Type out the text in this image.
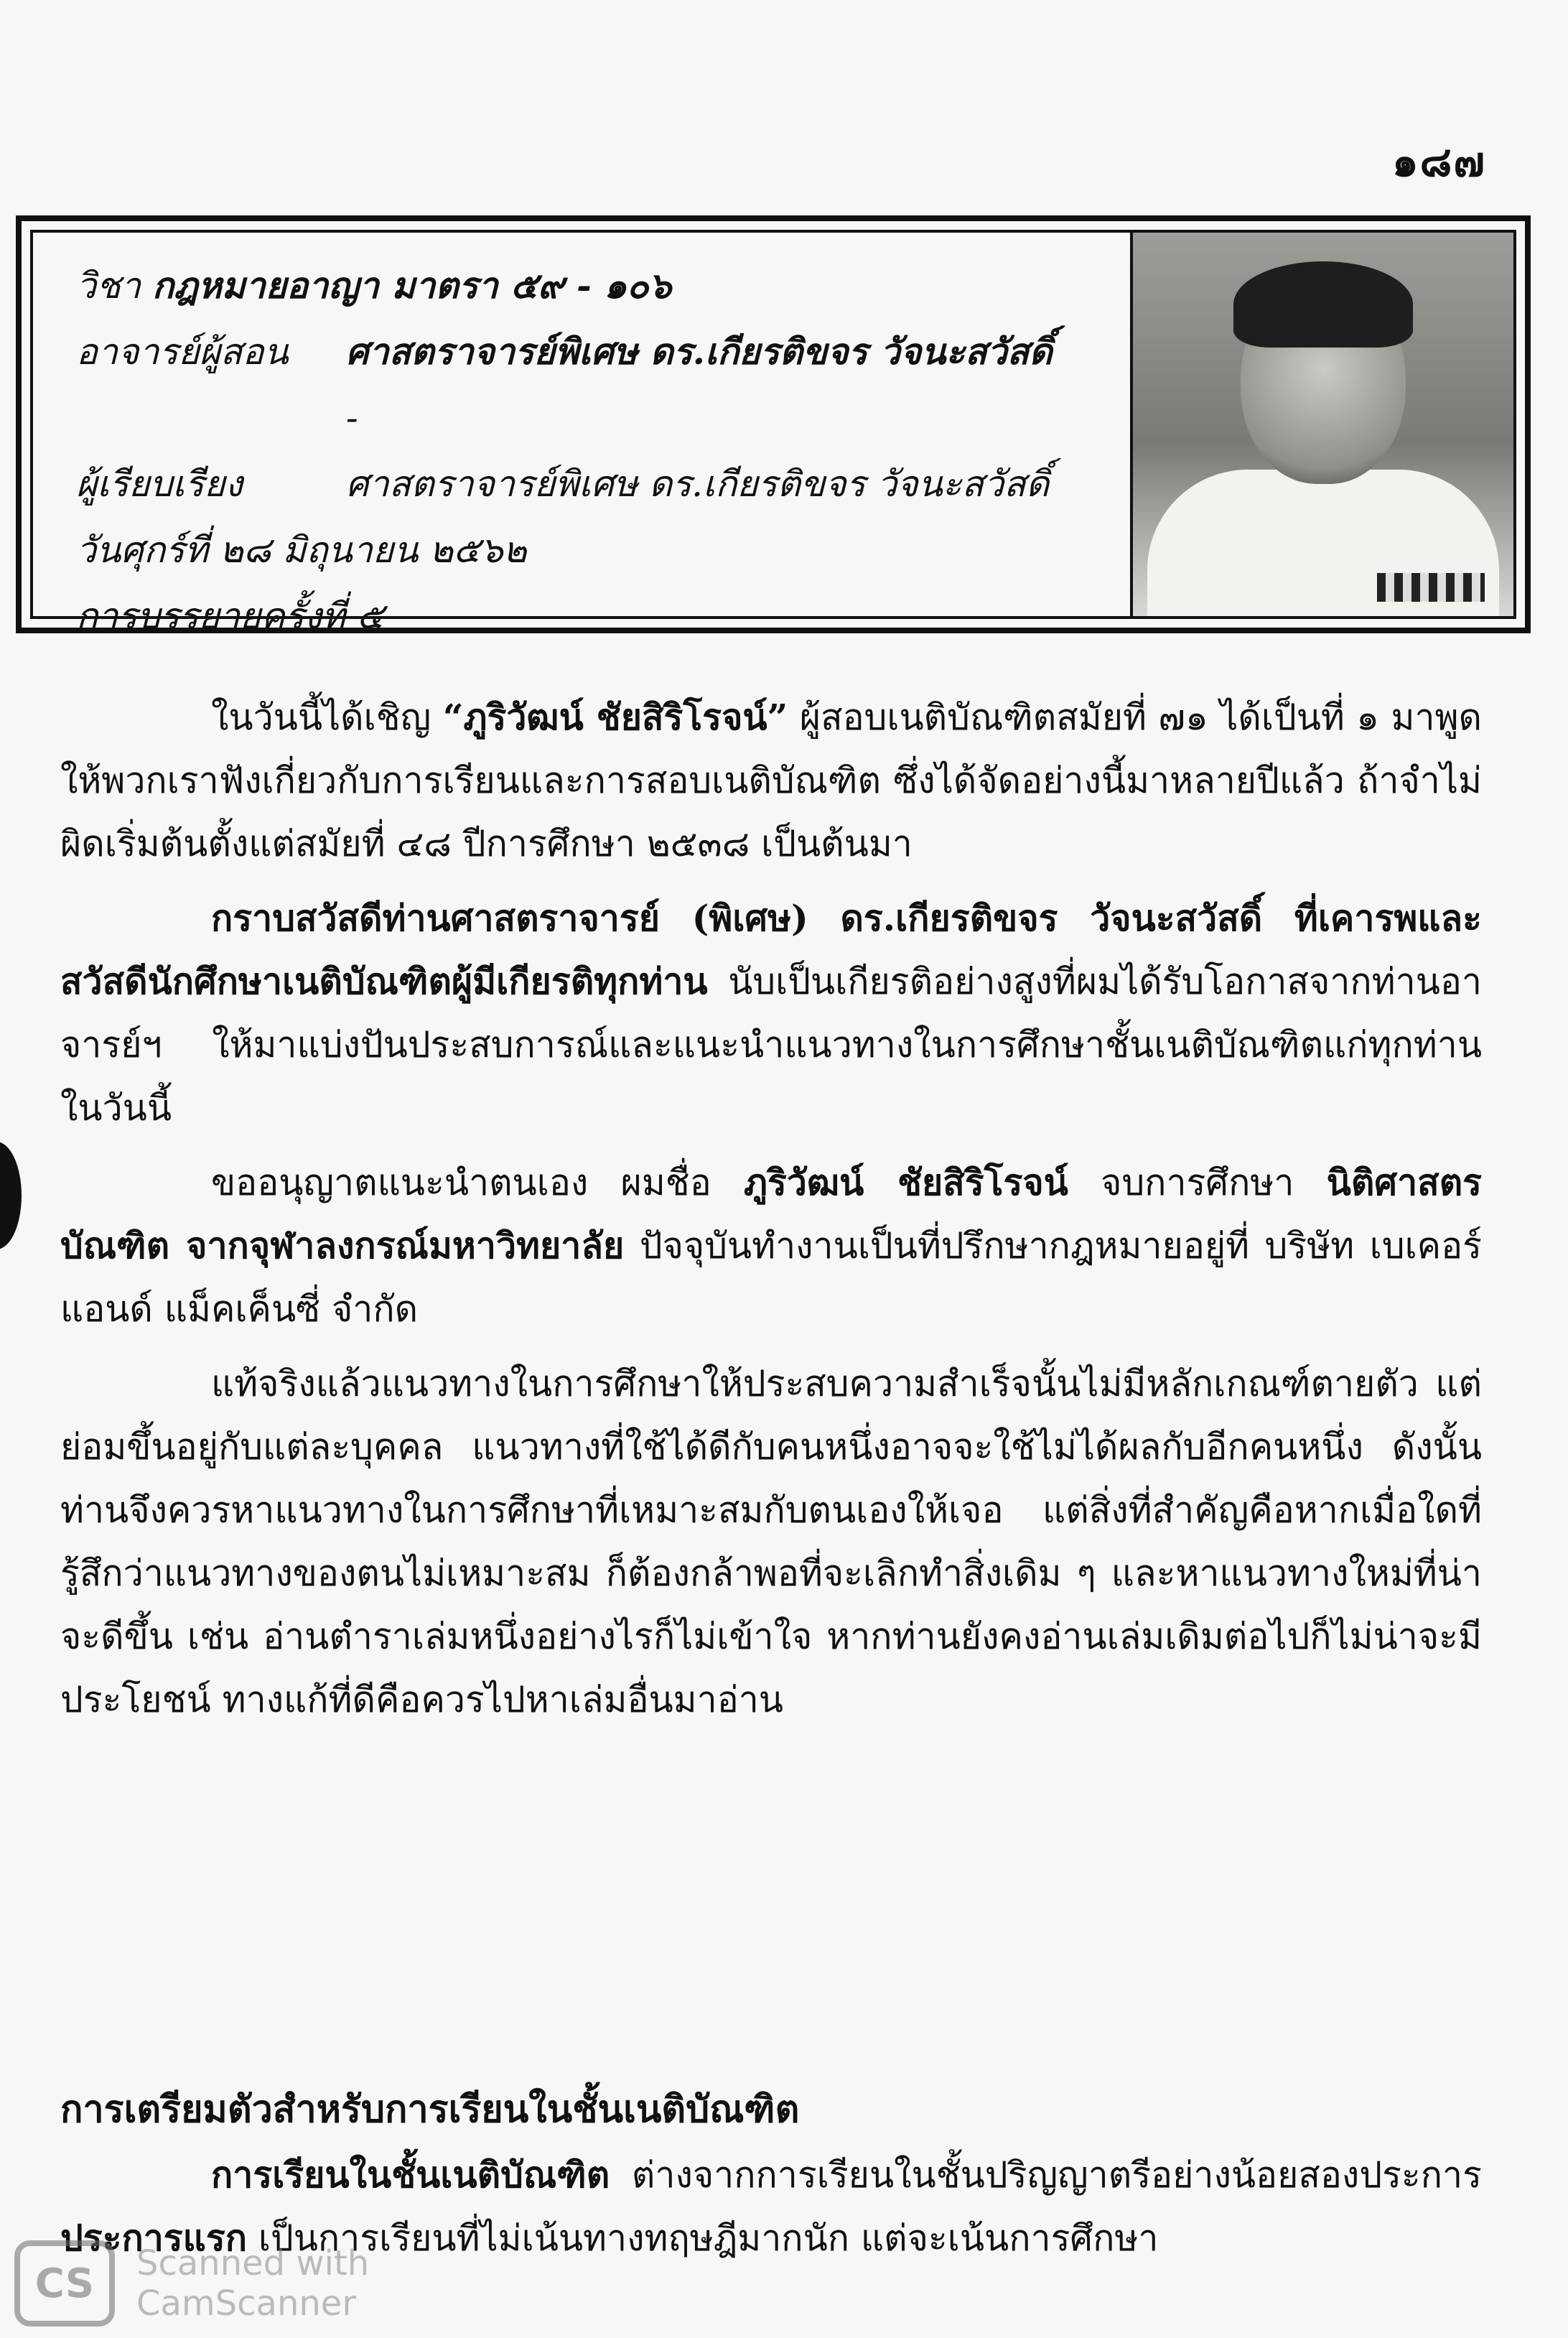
๑๘๗
วิชา กฎหมายอาญา มาตรา ๕๙ - ๑๐๖
อาจารย์ผู้สอน ศาสตราจารย์พิเศษ ดร.เกียรติขจร วัจนะสวัสดิ์
-
ผู้เรียบเรียง	ศาสตราจารย์พิเศษ ดร.เกียรติขจร วัจนะสวัสดิ์
วันศุกร์ที่ ๒๘ มิถุนายน ๒๕๖๒
การบรรยายครั้งที่ ๕

ในวันนี้ได้เชิญ “ภูริวัฒน์ ชัยสิริโรจน์” ผู้สอบเนติบัณฑิตสมัยที่ ๗๑ ได้เป็นที่ ๑ มาพูดให้พวกเราฟังเกี่ยวกับการเรียนและการสอบเนติบัณฑิต ซึ่งได้จัดอย่างนี้มาหลายปีแล้ว ถ้าจำไม่ผิดเริ่มต้นตั้งแต่สมัยที่ ๔๘ ปีการศึกษา ๒๕๓๘ เป็นต้นมา

กราบสวัสดีท่านศาสตราจารย์ (พิเศษ) ดร.เกียรติขจร วัจนะสวัสดิ์ ที่เคารพและสวัสดีนักศึกษาเนติบัณฑิตผู้มีเกียรติทุกท่าน นับเป็นเกียรติอย่างสูงที่ผมได้รับโอกาสจากท่านอาจารย์ฯ ให้มาแบ่งปันประสบการณ์และแนะนำแนวทางในการศึกษาชั้นเนติบัณฑิตแก่ทุกท่านในวันนี้

ขออนุญาตแนะนำตนเอง ผมชื่อ ภูริวัฒน์ ชัยสิริโรจน์ จบการศึกษา นิติศาสตรบัณฑิต จากจุฬาลงกรณ์มหาวิทยาลัย ปัจจุบันทำงานเป็นที่ปรึกษากฎหมายอยู่ที่ บริษัท เบเคอร์ แอนด์ แม็คเค็นซี่ จำกัด

แท้จริงแล้วแนวทางในการศึกษาให้ประสบความสำเร็จนั้นไม่มีหลักเกณฑ์ตายตัว แต่ย่อมขึ้นอยู่กับแต่ละบุคคล แนวทางที่ใช้ได้ดีกับคนหนึ่งอาจจะใช้ไม่ได้ผลกับอีกคนหนึ่ง ดังนั้น ท่านจึงควรหาแนวทางในการศึกษาที่เหมาะสมกับตนเองให้เจอ แต่สิ่งที่สำคัญคือหากเมื่อใดที่รู้สึกว่าแนวทางของตนไม่เหมาะสม ก็ต้องกล้าพอที่จะเลิกทำสิ่งเดิม ๆ และหาแนวทางใหม่ที่น่าจะดีขึ้น เช่น อ่านตำราเล่มหนึ่งอย่างไรก็ไม่เข้าใจ หากท่านยังคงอ่านเล่มเดิมต่อไปก็ไม่น่าจะมีประโยชน์ ทางแก้ที่ดีคือควรไปหาเล่มอื่นมาอ่าน

การเตรียมตัวสำหรับการเรียนในชั้นเนติบัณฑิต

การเรียนในชั้นเนติบัณฑิต ต่างจากการเรียนในชั้นปริญญาตรีอย่างน้อยสองประการ ประการแรก เป็นการเรียนที่ไม่เน้นทางทฤษฎีมากนัก แต่จะเน้นการศึกษา

CS	Scanned with
CamScanner
